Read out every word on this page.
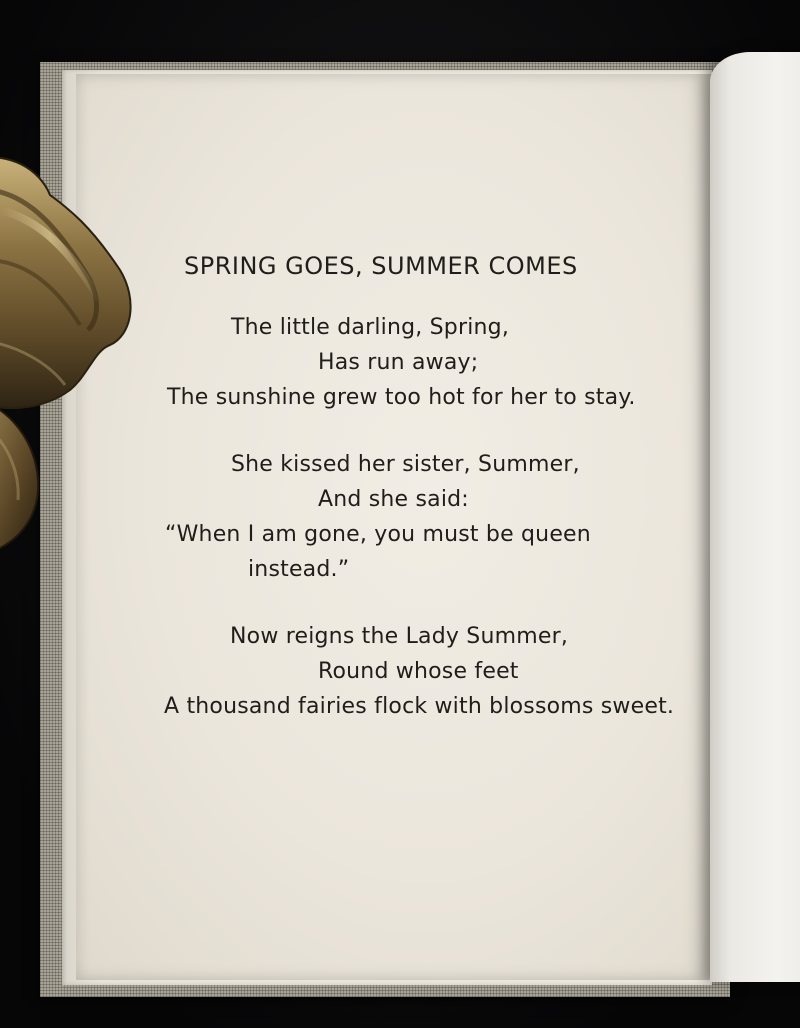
SPRING GOES, SUMMER COMES
The little darling, Spring,
Has run away;
The sunshine grew too hot for her to stay.
She kissed her sister, Summer,
And she said:
“When I am gone, you must be queen
instead.”
Now reigns the Lady Summer,
Round whose feet
A thousand fairies flock with blossoms sweet.
